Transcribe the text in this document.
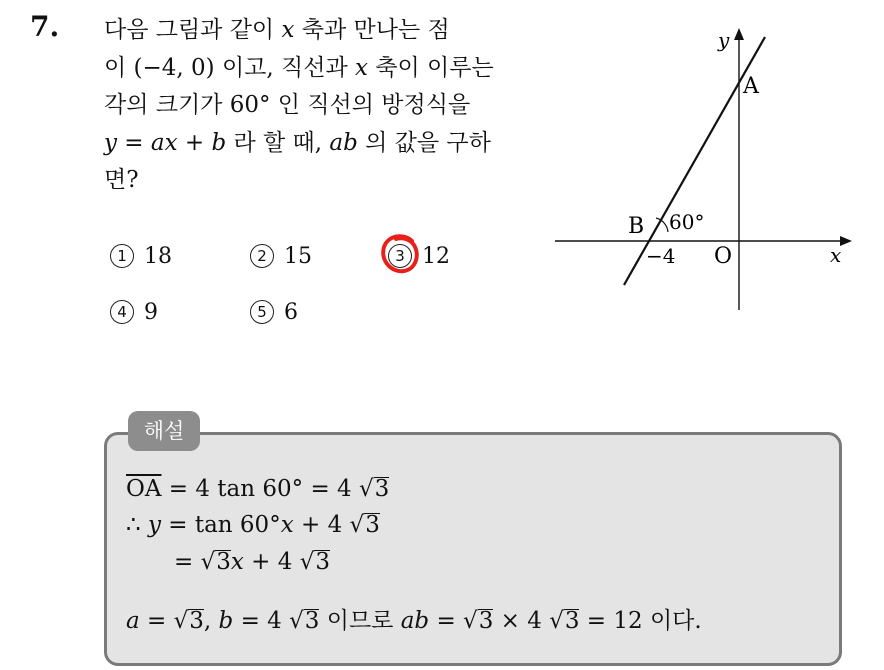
7. 다음 그림과 같이 x 축과 만나는 점
이 (−4, 0) 이고, 직선과 x 축이 이루는
각의 크기가 60° 인 직선의 방정식을
y = ax + b 라 할 때, ab 의 값을 구하
면?
1 18	2 15	3 12
4 9	5 6
y
x
A
B 60°
−4 O
해설
$\overline{OA} = 4$ tan 60° = 4 √3
∴ y = tan 60°x + 4 √3
= √3x + 4 √3
a = √3, b = 4 √3 이므로 ab = √3 × 4 √3 = 12 이다.
